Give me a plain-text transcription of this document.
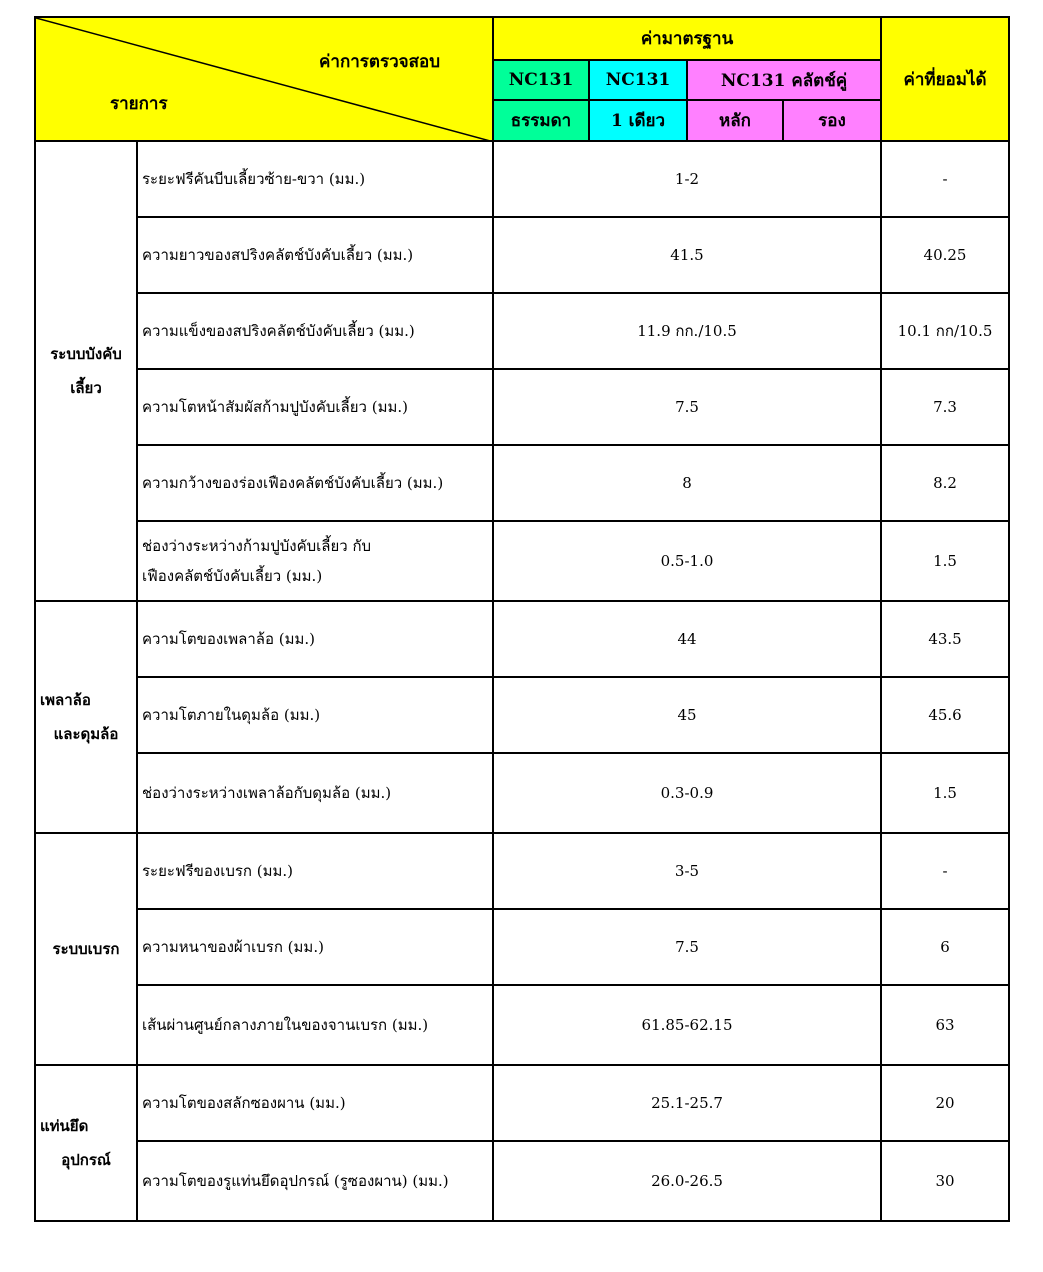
ค่าการตรวจสอบ
รายการ		ค่ามาตรฐาน				ค่าที่ยอมได้
		NC131	NC131	NC131 คลัตช์คู่		
		ธรรมดา	1 เดียว	หลัก	รอง	

ระบบบังคับ
เลี้ยว	ระยะฟรีคันบีบเลี้ยวซ้าย-ขวา (มม.)	1-2				-
	ความยาวของสปริงคลัตช์บังคับเลี้ยว (มม.)	41.5				40.25
	ความแข็งของสปริงคลัตช์บังคับเลี้ยว (มม.)	11.9 กก./10.5				10.1 กก/10.5
	ความโตหน้าสัมผัสก้ามปูบังคับเลี้ยว (มม.)	7.5				7.3
	ความกว้างของร่องเฟืองคลัตช์บังคับเลี้ยว (มม.)	8				8.2

	ช่องว่างระหว่างก้ามปูบังคับเลี้ยว กับ
เฟืองคลัตช์บังคับเลี้ยว (มม.)	0.5-1.0				1.5

เพลาล้อ
และดุมล้อ	ความโตของเพลาล้อ (มม.)	44				43.5
	ความโตภายในดุมล้อ (มม.)	45				45.6
	ช่องว่างระหว่างเพลาล้อกับดุมล้อ (มม.)	0.3-0.9				1.5

ระบบเบรก	ระยะฟรีของเบรก (มม.)	3-5				-
	ความหนาของผ้าเบรก (มม.)	7.5				6
	เส้นผ่านศูนย์กลางภายในของจานเบรก (มม.)	61.85-62.15				63

แท่นยึด
อุปกรณ์	ความโตของสลักซองผาน (มม.)	25.1-25.7				20
	ความโตของรูแท่นยึดอุปกรณ์ (รูซองผาน) (มม.)	26.0-26.5				30
